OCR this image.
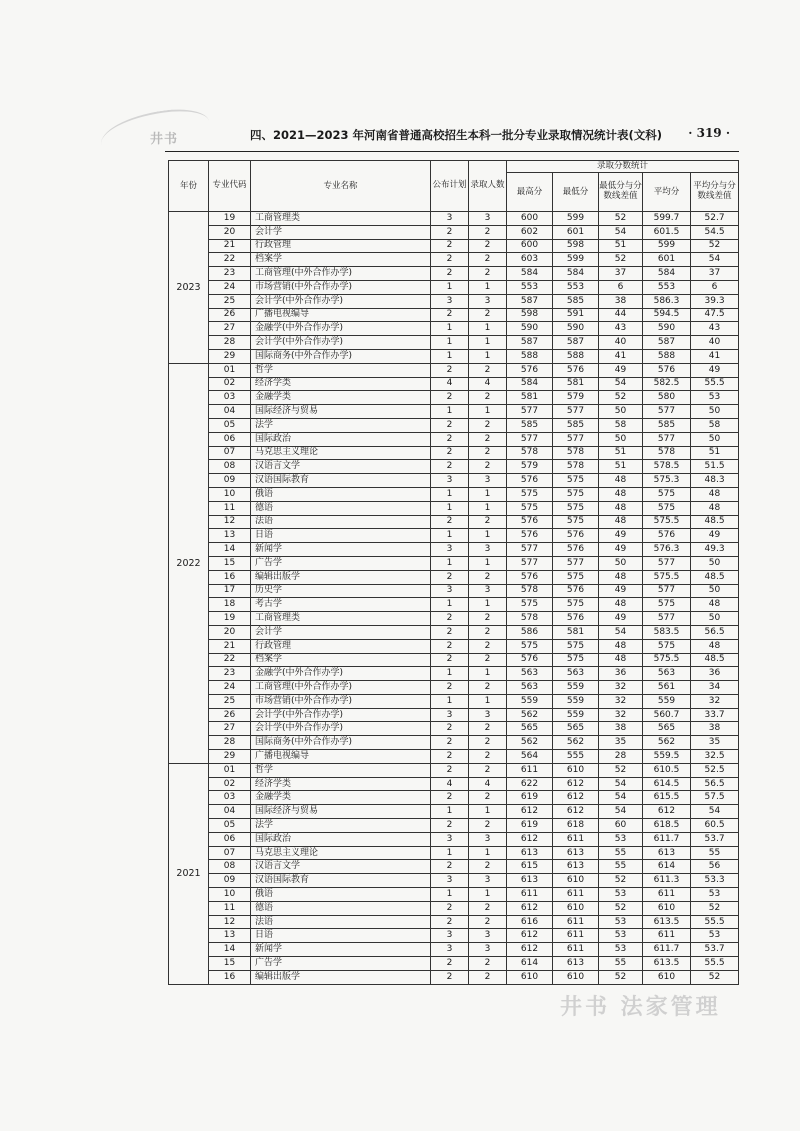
井书	四、2021—2023 年河南省普通高校招生本科一批分专业录取情况统计表(文科) · 319 ·
年份	专业代码	专业名称	公布计划	录取人数	录取分数统计				
					最高分	最低分	最低分与分数线差值	平均分	平均分与分数线差值
2023	19	工商管理类	3	3	600	599	52	599.7	52.7
	20	会计学	2	2	602	601	54	601.5	54.5
	21	行政管理	2	2	600	598	51	599	52
	22	档案学	2	2	603	599	52	601	54
	23	工商管理(中外合作办学)	2	2	584	584	37	584	37
	24	市场营销(中外合作办学)	1	1	553	553	6	553	6
	25	会计学(中外合作办学)	3	3	587	585	38	586.3	39.3
	26	广播电视编导	2	2	598	591	44	594.5	47.5
	27	金融学(中外合作办学)	1	1	590	590	43	590	43
	28	会计学(中外合作办学)	1	1	587	587	40	587	40
	29	国际商务(中外合作办学)	1	1	588	588	41	588	41
2022	01	哲学	2	2	576	576	49	576	49
	02	经济学类	4	4	584	581	54	582.5	55.5
	03	金融学类	2	2	581	579	52	580	53
	04	国际经济与贸易	1	1	577	577	50	577	50
	05	法学	2	2	585	585	58	585	58
	06	国际政治	2	2	577	577	50	577	50
	07	马克思主义理论	2	2	578	578	51	578	51
	08	汉语言文学	2	2	579	578	51	578.5	51.5
	09	汉语国际教育	3	3	576	575	48	575.3	48.3
	10	俄语	1	1	575	575	48	575	48
	11	德语	1	1	575	575	48	575	48
	12	法语	2	2	576	575	48	575.5	48.5
	13	日语	1	1	576	576	49	576	49
	14	新闻学	3	3	577	576	49	576.3	49.3
	15	广告学	1	1	577	577	50	577	50
	16	编辑出版学	2	2	576	575	48	575.5	48.5
	17	历史学	3	3	578	576	49	577	50
	18	考古学	1	1	575	575	48	575	48
	19	工商管理类	2	2	578	576	49	577	50
	20	会计学	2	2	586	581	54	583.5	56.5
	21	行政管理	2	2	575	575	48	575	48
	22	档案学	2	2	576	575	48	575.5	48.5
	23	金融学(中外合作办学)	1	1	563	563	36	563	36
	24	工商管理(中外合作办学)	2	2	563	559	32	561	34
	25	市场营销(中外合作办学)	1	1	559	559	32	559	32
	26	会计学(中外合作办学)	3	3	562	559	32	560.7	33.7
	27	会计学(中外合作办学)	2	2	565	565	38	565	38
	28	国际商务(中外合作办学)	2	2	562	562	35	562	35
	29	广播电视编导	2	2	564	555	28	559.5	32.5
2021	01	哲学	2	2	611	610	52	610.5	52.5
	02	经济学类	4	4	622	612	54	614.5	56.5
	03	金融学类	2	2	619	612	54	615.5	57.5
	04	国际经济与贸易	1	1	612	612	54	612	54
	05	法学	2	2	619	618	60	618.5	60.5
	06	国际政治	3	3	612	611	53	611.7	53.7
	07	马克思主义理论	1	1	613	613	55	613	55
	08	汉语言文学	2	2	615	613	55	614	56
	09	汉语国际教育	3	3	613	610	52	611.3	53.3
	10	俄语	1	1	611	611	53	611	53
	11	德语	2	2	612	610	52	610	52
	12	法语	2	2	616	611	53	613.5	55.5
	13	日语	3	3	612	611	53	611	53
	14	新闻学	3	3	612	611	53	611.7	53.7
	15	广告学	2	2	614	613	55	613.5	55.5
	16	编辑出版学	2	2	610	610	52	610	52
井书 法家管理
